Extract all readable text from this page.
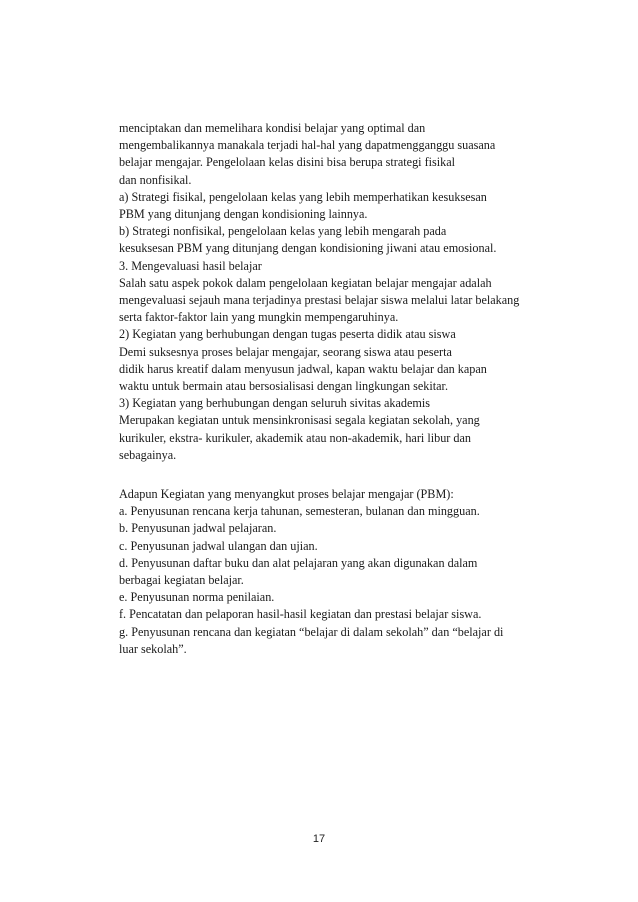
menciptakan dan memelihara kondisi belajar yang optimal dan
mengembalikannya manakala terjadi hal-hal yang dapatmengganggu suasana
belajar mengajar. Pengelolaan kelas disini bisa berupa strategi fisikal
dan nonfisikal.
a) Strategi fisikal, pengelolaan kelas yang lebih memperhatikan kesuksesan
PBM yang ditunjang dengan kondisioning lainnya.
b) Strategi nonfisikal, pengelolaan kelas yang lebih mengarah pada
kesuksesan PBM yang ditunjang dengan kondisioning jiwani atau emosional.
3. Mengevaluasi hasil belajar
Salah satu aspek pokok dalam pengelolaan kegiatan belajar mengajar adalah
mengevaluasi sejauh mana terjadinya prestasi belajar siswa melalui latar belakang
serta faktor-faktor lain yang mungkin mempengaruhinya.
2) Kegiatan yang berhubungan dengan tugas peserta didik atau siswa
Demi suksesnya proses belajar mengajar, seorang siswa atau peserta
didik harus kreatif dalam menyusun jadwal, kapan waktu belajar dan kapan
waktu untuk bermain atau bersosialisasi dengan lingkungan sekitar.
3) Kegiatan yang berhubungan dengan seluruh sivitas akademis
Merupakan kegiatan untuk mensinkronisasi segala kegiatan sekolah, yang
kurikuler, ekstra- kurikuler, akademik atau non-akademik, hari libur dan
sebagainya.
Adapun Kegiatan yang menyangkut proses belajar mengajar (PBM):
a. Penyusunan rencana kerja tahunan, semesteran, bulanan dan mingguan.
b. Penyusunan jadwal pelajaran.
c. Penyusunan jadwal ulangan dan ujian.
d. Penyusunan daftar buku dan alat pelajaran yang akan digunakan dalam
berbagai kegiatan belajar.
e. Penyusunan norma penilaian.
f. Pencatatan dan pelaporan hasil-hasil kegiatan dan prestasi belajar siswa.
g. Penyusunan rencana dan kegiatan “belajar di dalam sekolah” dan “belajar di
luar sekolah”.
17
